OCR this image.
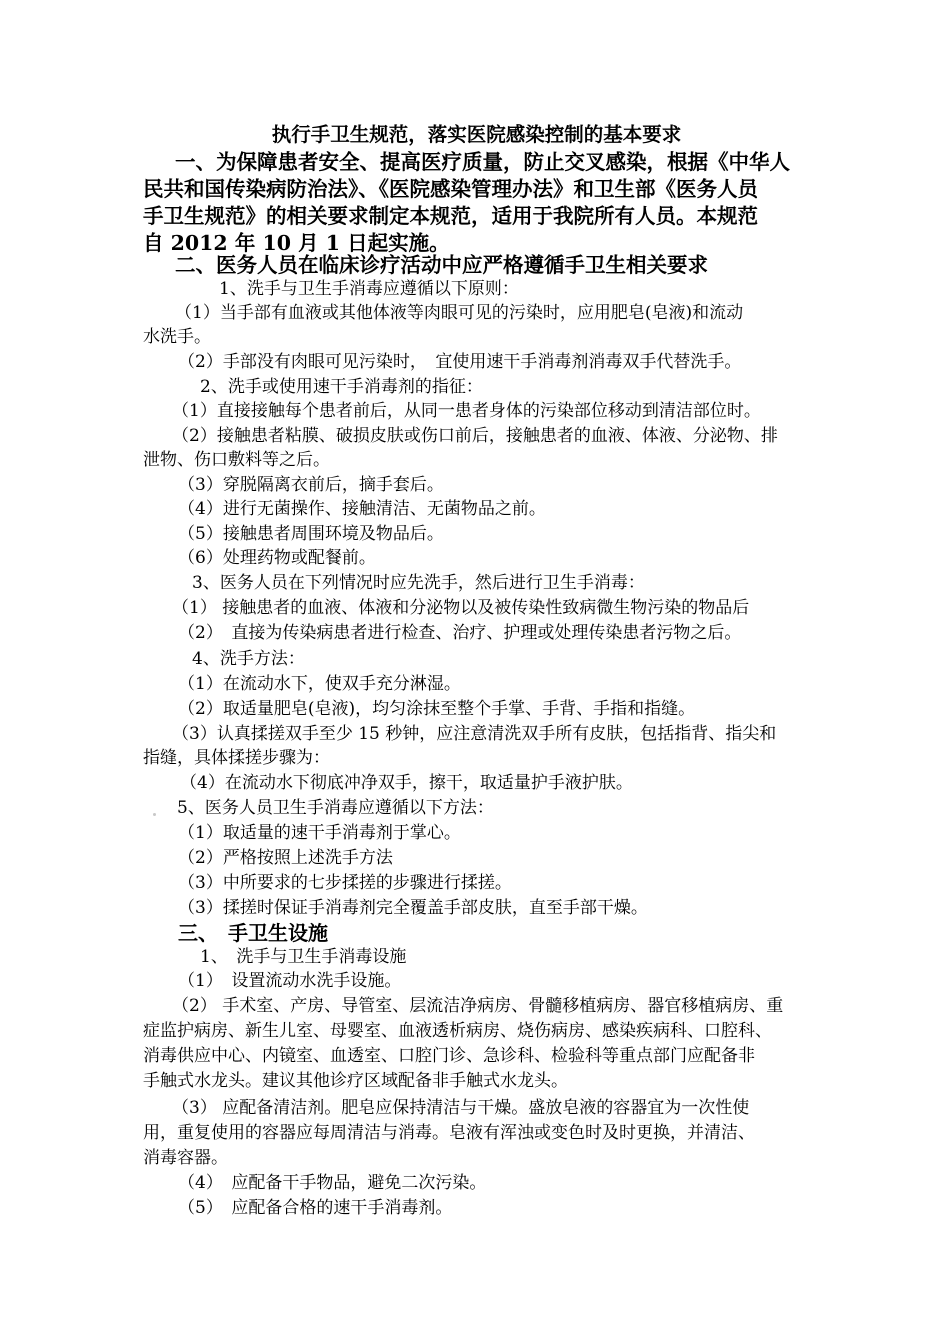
执行手卫生规范，落实医院感染控制的基本要求

一、为保障患者安全、提高医疗质量，防止交叉感染，根据《中华人

民共和国传染病防治法》、《医院感染管理办法》和卫生部《医务人员

手卫生规范》的相关要求制定本规范，适用于我院所有人员。本规范

自 2012 年 10 月 1 日起实施。

二、医务人员在临床诊疗活动中应严格遵循手卫生相关要求

1、洗手与卫生手消毒应遵循以下原则：

（1）当手部有血液或其他体液等肉眼可见的污染时，应用肥皂(皂液)和流动

水洗手。

（2）手部没有肉眼可见污染时，　宜使用速干手消毒剂消毒双手代替洗手。

2、洗手或使用速干手消毒剂的指征：

（1）直接接触每个患者前后，从同一患者身体的污染部位移动到清洁部位时。

（2）接触患者粘膜、破损皮肤或伤口前后，接触患者的血液、体液、分泌物、排

泄物、伤口敷料等之后。

（3）穿脱隔离衣前后，摘手套后。

（4）进行无菌操作、接触清洁、无菌物品之前。

（5）接触患者周围环境及物品后。

（6）处理药物或配餐前。

3、医务人员在下列情况时应先洗手，然后进行卫生手消毒：

（1） 接触患者的血液、体液和分泌物以及被传染性致病微生物污染的物品后

（2）　直接为传染病患者进行检查、治疗、护理或处理传染患者污物之后。

4、洗手方法：

（1）在流动水下，使双手充分淋湿。

（2）取适量肥皂(皂液)，均匀涂抹至整个手掌、手背、手指和指缝。

（3）认真揉搓双手至少 15 秒钟，应注意清洗双手所有皮肤，包括指背、指尖和

指缝，具体揉搓步骤为：

（4）在流动水下彻底冲净双手，擦干，取适量护手液护肤。

5、医务人员卫生手消毒应遵循以下方法：

（1）取适量的速干手消毒剂于掌心。

（2）严格按照上述洗手方法

（3）中所要求的七步揉搓的步骤进行揉搓。

（3）揉搓时保证手消毒剂完全覆盖手部皮肤，直至手部干燥。

三、　手卫生设施

1、　洗手与卫生手消毒设施

（1）　设置流动水洗手设施。

（2） 手术室、产房、导管室、层流洁净病房、骨髓移植病房、器官移植病房、重

症监护病房、新生儿室、母婴室、血液透析病房、烧伤病房、感染疾病科、口腔科、

消毒供应中心、内镜室、血透室、口腔门诊、急诊科、检验科等重点部门应配备非

手触式水龙头。建议其他诊疗区域配备非手触式水龙头。

（3） 应配备清洁剂。肥皂应保持清洁与干燥。盛放皂液的容器宜为一次性使

用，重复使用的容器应每周清洁与消毒。皂液有浑浊或变色时及时更换，并清洁、

消毒容器。

（4）　应配备干手物品，避免二次污染。

（5）　应配备合格的速干手消毒剂。
